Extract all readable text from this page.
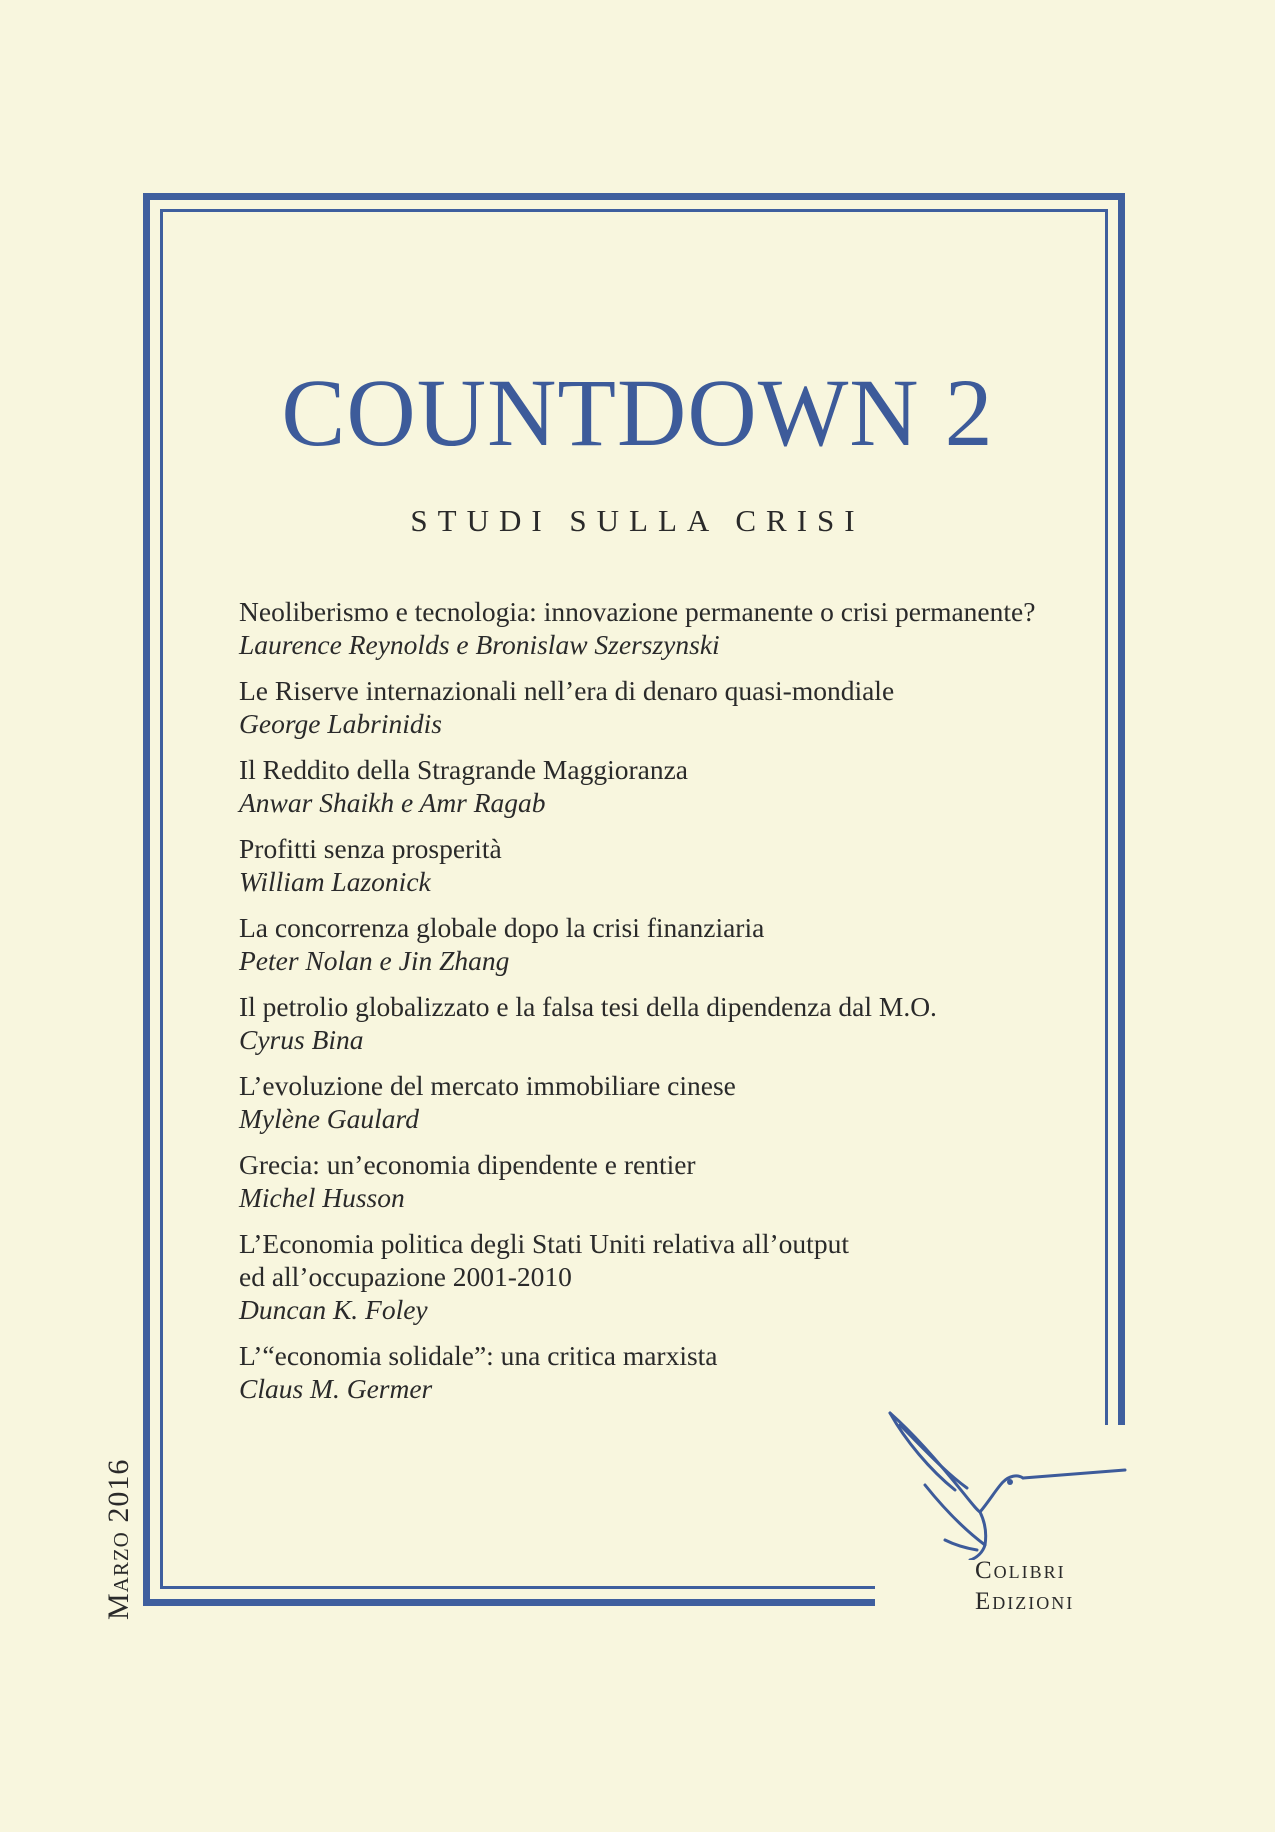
COUNTDOWN 2
STUDI SULLA CRISI
Neoliberismo e tecnologia: innovazione permanente o crisi permanente?
Laurence Reynolds e Bronislaw Szerszynski
Le Riserve internazionali nell’era di denaro quasi-mondiale
George Labrinidis
Il Reddito della Stragrande Maggioranza
Anwar Shaikh e Amr Ragab
Profitti senza prosperità
William Lazonick
La concorrenza globale dopo la crisi finanziaria
Peter Nolan e Jin Zhang
Il petrolio globalizzato e la falsa tesi della dipendenza dal M.O.
Cyrus Bina
L’evoluzione del mercato immobiliare cinese
Mylène Gaulard
Grecia: un’economia dipendente e rentier
Michel Husson
L’Economia politica degli Stati Uniti relativa all’output
ed all’occupazione 2001-2010
Duncan K. Foley
L’“economia solidale”: una critica marxista
Claus M. Germer
Marzo 2016	Colibri
Edizioni
